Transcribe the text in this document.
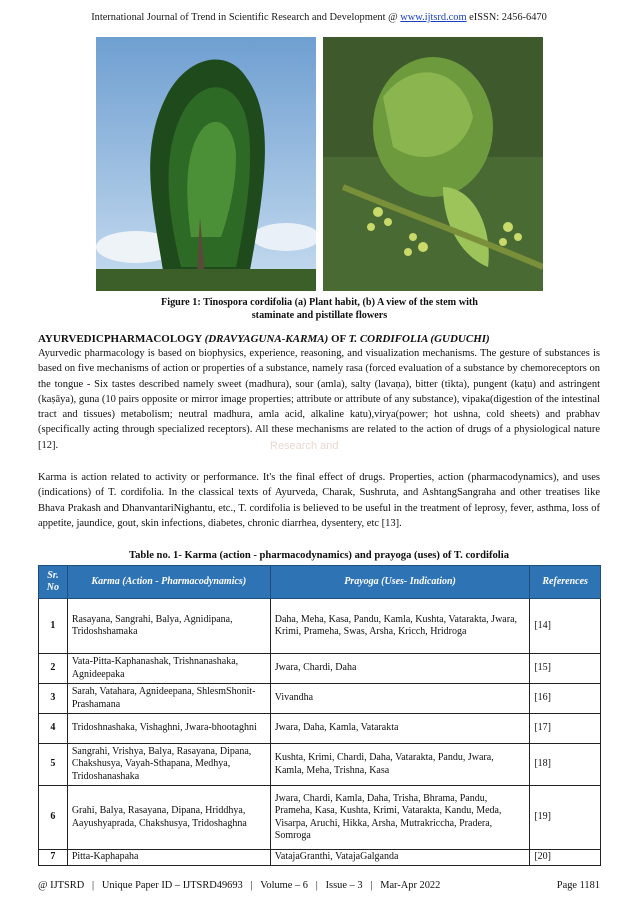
International Journal of Trend in Scientific Research and Development @ www.ijtsrd.com eISSN: 2456-6470
Figure 1: Tinospora cordifolia (a) Plant habit, (b) A view of the stem with
staminate and pistillate flowers
AYURVEDICPHARMACOLOGY (DRAVYAGUNA-KARMA) OF T. CORDIFOLIA (GUDUCHI)

Ayurvedic pharmacology is based on biophysics, experience, reasoning, and visualization mechanisms. The gesture of substances is based on five mechanisms of action or properties of a substance, namely rasa (forced evaluation of a substance by chemoreceptors on the tongue - Six tastes described namely sweet (madhura), sour (amla), salty (lavaṇa), bitter (tikta), pungent (kaṭu) and astringent (kaṣāya), guna (10 pairs opposite or mirror image properties; attribute or attribute of any substance), vipaka(digestion of the intestinal tract and tissues) metabolism; neutral madhura, amla acid, alkaline katu),virya(power; hot ushna, cold sheets) and prabhav (specifically acting through specialized receptors). All these mechanisms are related to the action of drugs of a physiological nature [12].	Research and

Karma is action related to activity or performance. It's the final effect of drugs. Properties, action (pharmacodynamics), and uses (indications) of T. cordifolia. In the classical texts of Ayurveda, Charak, Sushruta, and AshtangSangraha and other treatises like Bhava Prakash and DhanvantariNighantu, etc., T. cordifolia is believed to be useful in the treatment of leprosy, fever, asthma, loss of appetite, jaundice, gout, skin infections, diabetes, chronic diarrhea, dysentery, etc [13].

Table no. 1- Karma (action - pharmacodynamics) and prayoga (uses) of T. cordifolia
Sr. No	Karma (Action - Pharmacodynamics)	Prayoga (Uses- Indication)	References
1	Rasayana, Sangrahi, Balya, Agnidipana, Tridoshshamaka	Daha, Meha, Kasa, Pandu, Kamla, Kushta, Vatarakta, Jwara, Krimi, Prameha, Swas, Arsha, Kricch, Hridroga	[14]
2	Vata-Pitta-Kaphanashak, Trishnanashaka, Agnideepaka	Jwara, Chardi, Daha	[15]
3	Sarah, Vatahara, Agnideepana, ShlesmShonit- Prashamana	Vivandha	[16]
4	Tridoshnashaka, Vishaghni, Jwara-bhootaghni	Jwara, Daha, Kamla, Vatarakta	[17]
5	Sangrahi, Vrishya, Balya, Rasayana, Dipana, Chakshusya, Vayah-Sthapana, Medhya, Tridoshanashaka	Kushta, Krimi, Chardi, Daha, Vatarakta, Pandu, Jwara, Kamla, Meha, Trishna, Kasa	[18]
6	Grahi, Balya, Rasayana, Dipana, Hriddhya, Aayushyaprada, Chakshusya, Tridoshaghna	Jwara, Chardi, Kamla, Daha, Trisha, Bhrama, Pandu, Prameha, Kasa, Kushta, Krimi, Vatarakta, Kandu, Meda, Visarpa, Aruchi, Hikka, Arsha, Mutrakriccha, Pradera, Somroga	[19]
7	Pitta-Kaphapaha	VatajaGranthi, VatajaGalganda	[20]
@ IJTSRD   |   Unique Paper ID – IJTSRD49693   |   Volume – 6   |   Issue – 3   |   Mar-Apr 2022	Page 1181
